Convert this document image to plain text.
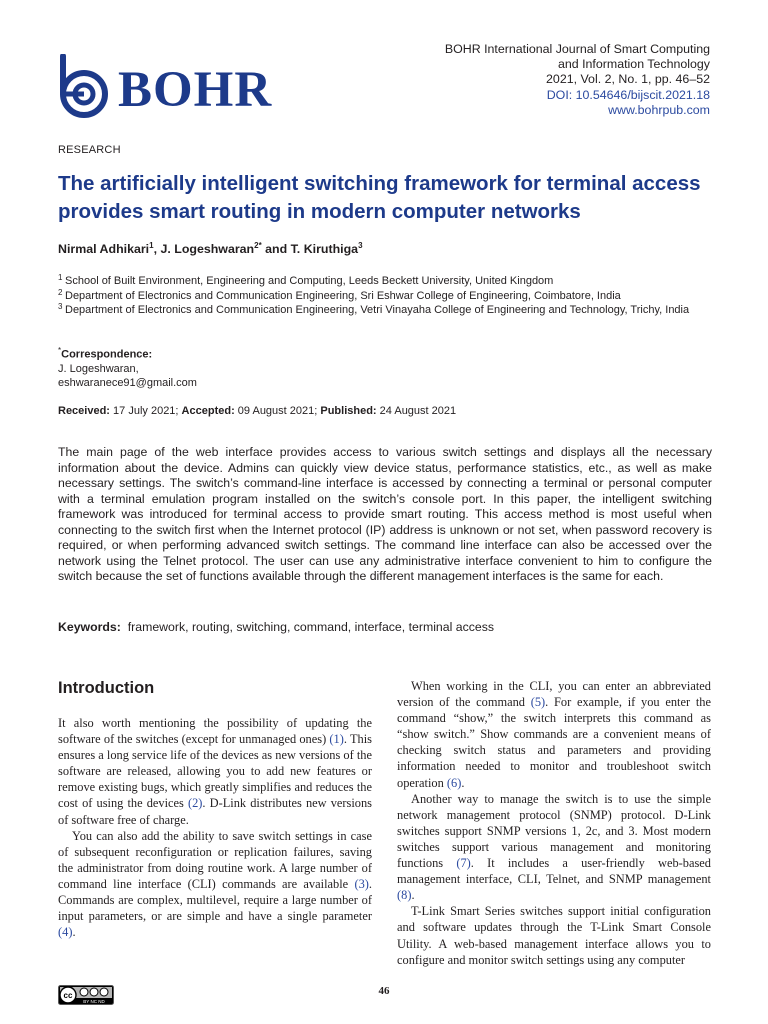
BOHR
BOHR International Journal of Smart Computing
and Information Technology
2021, Vol. 2, No. 1, pp. 46–52
DOI: 10.54646/bijscit.2021.18
www.bohrpub.com
RESEARCH
The artificially intelligent switching framework for terminal access provides smart routing in modern computer networks
Nirmal Adhikari$^1$, J. Logeshwaran$^{2*}$ and T. Kiruthiga$^3$
1 School of Built Environment, Engineering and Computing, Leeds Beckett University, United Kingdom
2 Department of Electronics and Communication Engineering, Sri Eshwar College of Engineering, Coimbatore, India
3 Department of Electronics and Communication Engineering, Vetri Vinayaha College of Engineering and Technology, Trichy, India
*Correspondence:
J. Logeshwaran,
eshwaranece91@gmail.com
Received: 17 July 2021; Accepted: 09 August 2021; Published: 24 August 2021
The main page of the web interface provides access to various switch settings and displays all the necessary information about the device. Admins can quickly view device status, performance statistics, etc., as well as make necessary settings. The switch’s command-line interface is accessed by connecting a terminal or personal computer with a terminal emulation program installed on the switch’s console port. In this paper, the intelligent switching framework was introduced for terminal access to provide smart routing. This access method is most useful when connecting to the switch first when the Internet protocol (IP) address is unknown or not set, when password recovery is required, or when performing advanced switch settings. The command line interface can also be accessed over the network using the Telnet protocol. The user can use any administrative interface convenient to him to configure the switch because the set of functions available through the different management interfaces is the same for each.
Keywords: framework, routing, switching, command, interface, terminal access
Introduction

It also worth mentioning the possibility of updating the software of the switches (except for unmanaged ones) (1). This ensures a long service life of the devices as new versions of the software are released, allowing you to add new features or remove existing bugs, which greatly simplifies and reduces the cost of using the devices (2). D-Link distributes new versions of software free of charge.

You can also add the ability to save switch settings in case of subsequent reconfiguration or replication failures, saving the administrator from doing routine work. A large number of command line interface (CLI) commands are available (3). Commands are complex, multilevel, require a large number of input parameters, or are simple and have a single parameter (4).

When working in the CLI, you can enter an abbreviated version of the command (5). For example, if you enter the command “show,” the switch interprets this command as “show switch.” Show commands are a convenient means of checking switch status and parameters and providing information needed to monitor and troubleshoot switch operation (6).

Another way to manage the switch is to use the simple network management protocol (SNMP) protocol. D-Link switches support SNMP versions 1, 2c, and 3. Most modern switches support various management and monitoring functions (7). It includes a user-friendly web-based management interface, CLI, Telnet, and SNMP management (8).

T-Link Smart Series switches support initial configuration and software updates through the T-Link Smart Console Utility. A web-based management interface allows you to configure and monitor switch settings using any computer

cc
BY NC ND
46
